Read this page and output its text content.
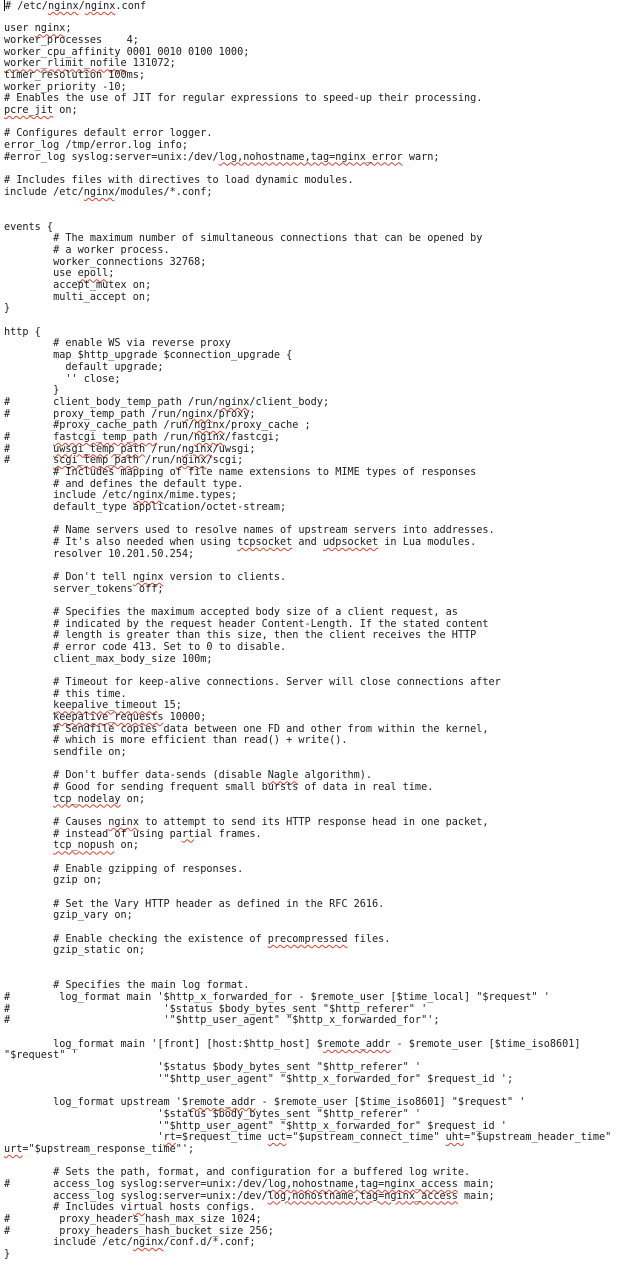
# /etc/nginx/nginx.conf

user nginx;
worker_processes    4;
worker_cpu_affinity 0001 0010 0100 1000;
worker_rlimit_nofile 131072;
timer_resolution 100ms;
worker_priority -10;
# Enables the use of JIT for regular expressions to speed-up their processing.
pcre_jit on;

# Configures default error logger.
error_log /tmp/error.log info;
#error_log syslog:server=unix:/dev/log,nohostname,tag=nginx_error warn;

# Includes files with directives to load dynamic modules.
include /etc/nginx/modules/*.conf;

events {
# The maximum number of simultaneous connections that can be opened by
# a worker process.
worker_connections 32768;
use epoll;
accept_mutex on;
multi_accept on;
}

http {
# enable WS via reverse proxy
map $http_upgrade $connection_upgrade {
default upgrade;
'' close;
}
#       client_body_temp_path /run/nginx/client_body;
#       proxy_temp_path /run/nginx/proxy;
#proxy_cache_path /run/nginx/proxy_cache ;
#       fastcgi_temp_path /run/nginx/fastcgi;
#       uwsgi_temp_path /run/nginx/uwsgi;
#       scgi_temp_path /run/nginx/scgi;
# Includes mapping of file name extensions to MIME types of responses
# and defines the default type.
include /etc/nginx/mime.types;
default_type application/octet-stream;

# Name servers used to resolve names of upstream servers into addresses.
# It's also needed when using tcpsocket and udpsocket in Lua modules.
resolver 10.201.50.254;

# Don't tell nginx version to clients.
server_tokens off;

# Specifies the maximum accepted body size of a client request, as
# indicated by the request header Content-Length. If the stated content
# length is greater than this size, then the client receives the HTTP
# error code 413. Set to 0 to disable.
client_max_body_size 100m;

# Timeout for keep-alive connections. Server will close connections after
# this time.
keepalive_timeout 15;
keepalive_requests 10000;
# Sendfile copies data between one FD and other from within the kernel,
# which is more efficient than read() + write().
sendfile on;

# Don't buffer data-sends (disable Nagle algorithm).
# Good for sending frequent small bursts of data in real time.
tcp_nodelay on;

# Causes nginx to attempt to send its HTTP response head in one packet,
# instead of using partial frames.
tcp_nopush on;

# Enable gzipping of responses.
gzip on;

# Set the Vary HTTP header as defined in the RFC 2616.
gzip_vary on;

# Enable checking the existence of precompressed files.
gzip_static on;

# Specifies the main log format.
#        log_format main '$http_x_forwarded_for - $remote_user [$time_local] "$request" '
#                         '$status $body_bytes_sent "$http_referer" '
#                         '"$http_user_agent" "$http_x_forwarded_for"';

log_format main '[front] [host:$http_host] $remote_addr - $remote_user [$time_iso8601]
"$request" '
'$status $body_bytes_sent "$http_referer" '
'"$http_user_agent" "$http_x_forwarded_for" $request_id ';

log_format upstream '$remote_addr - $remote_user [$time_iso8601] "$request" '
'$status $body_bytes_sent "$http_referer" '
'"$http_user_agent" "$http_x_forwarded_for" $request_id '
'rt=$request_time uct="$upstream_connect_time" uht="$upstream_header_time"
urt="$upstream_response_time"';

# Sets the path, format, and configuration for a buffered log write.
#       access_log syslog:server=unix:/dev/log,nohostname,tag=nginx_access main;
access_log syslog:server=unix:/dev/log,nohostname,tag=nginx_access main;
# Includes virtual hosts configs.
#        proxy_headers_hash_max_size 1024;
#        proxy_headers_hash_bucket_size 256;
include /etc/nginx/conf.d/*.conf;
}
